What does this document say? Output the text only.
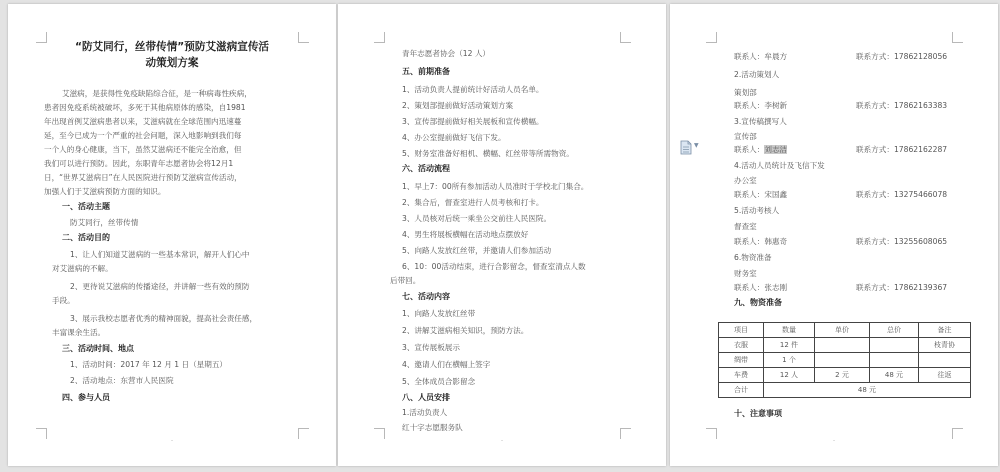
“防艾同行，丝带传情”预防艾滋病宣传活
动策划方案
艾滋病，是获得性免疫缺陷综合征，是一种病毒性疾病，
患者因免疫系统被破坏，多死于其他病原体的感染，自1981
年出现首例艾滋病患者以来，艾滋病就在全球范围内迅速蔓
延，至今已成为一个严重的社会问题，深入地影响到我们每
一个人的身心健康，当下，虽然艾滋病还不能完全治愈，但
我们可以进行预防。因此，东职青年志愿者协会将12月1
日，“世界艾滋病日”在人民医院进行预防艾滋病宣传活动，
加强人们于艾滋病预防方面的知识。
一、活动主题
防艾同行，丝带传情
二、活动目的
1、让人们知道艾滋病的一些基本常识，解开人们心中
对艾滋病的不解。
2、更待说艾滋病的传播途径，并讲解一些有效的预防
手段。
3、展示我校志愿者优秀的精神面貌，提高社会责任感，
丰富课余生活。
三、活动时间、地点
1、活动时间：2017 年 12 月 1 日（星期五）
2、活动地点：东营市人民医院
四、参与人员
-
青年志愿者协会（12 人）
五、前期准备
1、活动负责人提前统计好活动人员名单。
2、策划部提前做好活动策划方案
3、宣传部提前做好相关展板和宣传横幅。
4、办公室提前做好飞信下发。
5、财务室准备好相机、横幅、红丝带等所需物资。
六、活动流程
1、早上7：00所有参加活动人员准时于学校北门集合。
2、集合后，督查室进行人员考核和打卡。
3、人员核对后统一乘坐公交前往人民医院。
4、男生将展板横幅在活动地点摆放好
5、向路人发放红丝带，并邀请人们参加活动
6、10：00活动结束，进行合影留念，督查室清点人数
后带回。
七、活动内容
1、向路人发放红丝带
2、讲解艾滋病相关知识，预防方法。
3、宣传展板展示
4、邀请人们在横幅上签字
5、全体成员合影留念
八、人员安排
1.活动负责人
红十字志愿服务队
-
▼
联系人：牟晨方	联系方式：17862128056
2.活动策划人
策划部
联系人：李树新	联系方式：17862163383
3.宣传稿撰写人
宣传部
联系人：刘志洁	联系方式：17862162287
4.活动人员统计及飞信下发
办公室
联系人：宋国鑫	联系方式：13275466078
5.活动考核人
督查室
联系人：韩惠奇	联系方式：13255608065
6.物资准备
财务室
联系人：张志刚	联系方式：17862139367
九、物资准备
项目	数量	单价	总价	备注
衣服	12 件			枝青协
绸带	1 个			
车费	12 人	2 元	48 元	往返
合计	48 元			
十、注意事项
-
